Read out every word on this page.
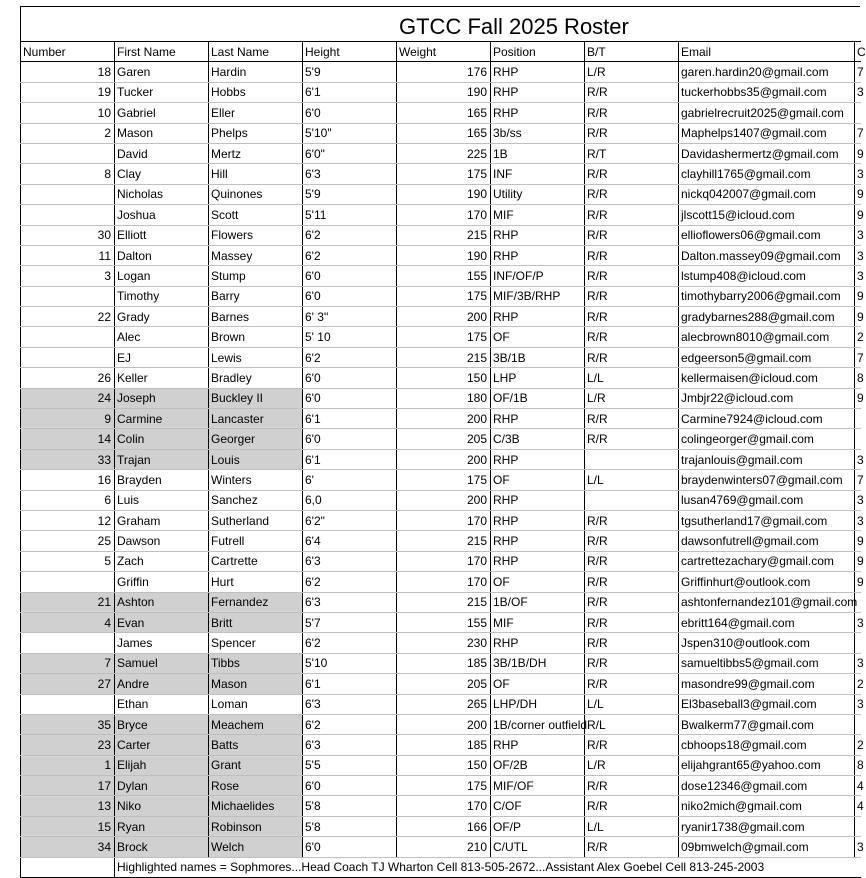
GTCC Fall 2025 Roster
Number	First Name	Last Name	Height	Weight	Position	B/T	Email	C
18	Garen	Hardin	5'9	176	RHP	L/R	garen.hardin20@gmail.com	7
19	Tucker	Hobbs	6'1	190	RHP	R/R	tuckerhobbs35@gmail.com	3
10	Gabriel	Eller	6'0	165	RHP	R/R	gabrielrecruit2025@gmail.com	
2	Mason	Phelps	5'10"	165	3b/ss	R/R	Maphelps1407@gmail.com	7
	David	Mertz	6'0"	225	1B	R/T	Davidashermertz@gmail.com	9
8	Clay	Hill	6'3	175	INF	R/R	clayhill1765@gmail.com	3
	Nicholas	Quinones	5'9	190	Utility	R/R	nickq042007@gmail.com	9
	Joshua	Scott	5'11	170	MIF	R/R	jlscott15@icloud.com	9
30	Elliott	Flowers	6'2	215	RHP	R/R	ellioflowers06@gmail.com	3
11	Dalton	Massey	6'2	190	RHP	R/R	Dalton.massey09@gmail.com	3
3	Logan	Stump	6'0	155	INF/OF/P	R/R	lstump408@icloud.com	3
	Timothy	Barry	6'0	175	MIF/3B/RHP	R/R	timothybarry2006@gmail.com	9
22	Grady	Barnes	6' 3"	200	RHP	R/R	gradybarnes288@gmail.com	9
	Alec	Brown	5' 10	175	OF	R/R	alecbrown8010@gmail.com	2
	EJ	Lewis	6'2	215	3B/1B	R/R	edgeerson5@gmail.com	7
26	Keller	Bradley	6'0	150	LHP	L/L	kellermaisen@icloud.com	8
24	Joseph	Buckley II	6'0	180	OF/1B	L/R	Jmbjr22@icloud.com	9
9	Carmine	Lancaster	6'1	200	RHP	R/R	Carmine7924@icloud.com	
14	Colin	Georger	6'0	205	C/3B	R/R	colingeorger@gmail.com	
33	Trajan	Louis	6'1	200	RHP		trajanlouis@gmail.com	3
16	Brayden	Winters	6'	175	OF	L/L	braydenwinters07@gmail.com	7
6	Luis	Sanchez	6,0	200	RHP		lusan4769@gmail.com	3
12	Graham	Sutherland	6'2"	170	RHP	R/R	tgsutherland17@gmail.com	3
25	Dawson	Futrell	6'4	215	RHP	R/R	dawsonfutrell@gmail.com	9
5	Zach	Cartrette	6'3	170	RHP	R/R	cartrettezachary@gmail.com	9
	Griffin	Hurt	6'2	170	OF	R/R	Griffinhurt@outlook.com	9
21	Ashton	Fernandez	6'3	215	1B/OF	R/R	ashtonfernandez101@gmail.com	
4	Evan	Britt	5'7	155	MIF	R/R	ebritt164@gmail.com	3
	James	Spencer	6'2	230	RHP	R/R	Jspen310@outlook.com	
7	Samuel	Tibbs	5'10	185	3B/1B/DH	R/R	samueltibbs5@gmail.com	3
27	Andre	Mason	6'1	205	OF	R/R	masondre99@gmail.com	2
	Ethan	Loman	6'3	265	LHP/DH	L/L	El3baseball3@gmail.com	3
35	Bryce	Meachem	6'2	200	1B/corner outfield	R/L	Bwalkerm77@gmail.com	
23	Carter	Batts	6'3	185	RHP	R/R	cbhoops18@gmail.com	2
1	Elijah	Grant	5'5	150	OF/2B	L/R	elijahgrant65@yahoo.com	8
17	Dylan	Rose	6'0	175	MIF/OF	R/R	dose12346@gmail.com	4
13	Niko	Michaelides	5'8	170	C/OF	R/R	niko2mich@gmail.com	4
15	Ryan	Robinson	5'8	166	OF/P	L/L	ryanir1738@gmail.com	
34	Brock	Welch	6'0	210	C/UTL	R/R	09bmwelch@gmail.com	3
	Highlighted names = Sophmores...Head Coach TJ Wharton Cell 813-505-2672...Assistant Alex Goebel Cell 813-245-2003							
